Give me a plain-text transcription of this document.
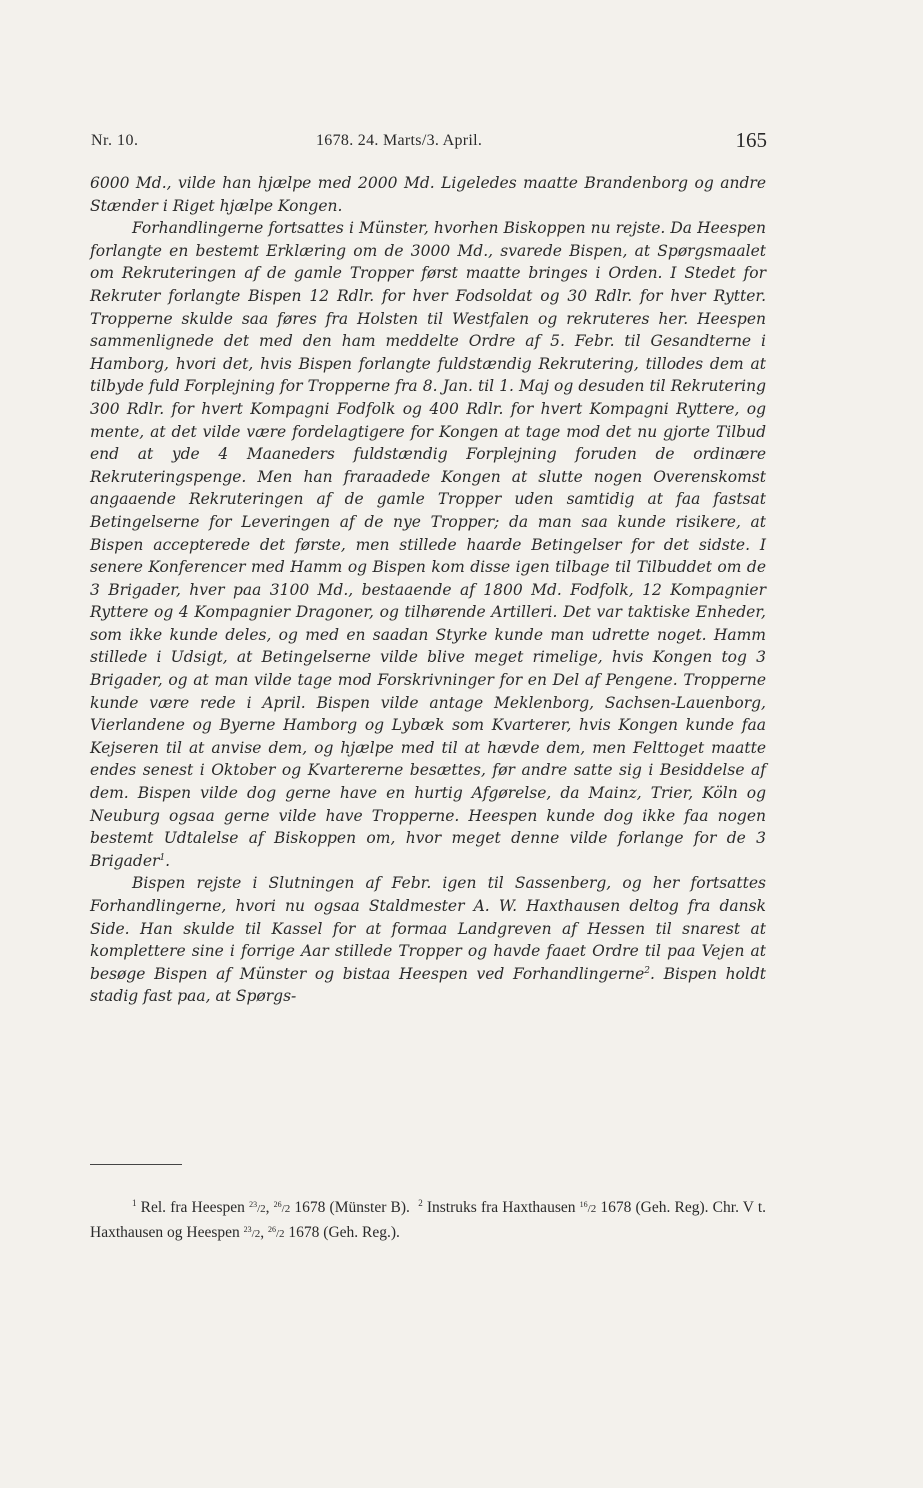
Nr. 10.	1678. 24. Marts/3. April.	165

6000 Md., vilde han hjælpe med 2000 Md. Ligeledes maatte Brandenborg og andre Stænder i Riget hjælpe Kongen.

Forhandlingerne fortsattes i Münster, hvorhen Biskoppen nu rejste. Da Heespen forlangte en bestemt Erklæring om de 3000 Md., svarede Bispen, at Spørgsmaalet om Rekruteringen af de gamle Tropper først maatte bringes i Orden. I Stedet for Rekruter forlangte Bispen 12 Rdlr. for hver Fodsoldat og 30 Rdlr. for hver Rytter. Tropperne skulde saa føres fra Holsten til Westfalen og rekruteres her. Heespen sammenlignede det med den ham meddelte Ordre af 5. Febr. til Gesandterne i Hamborg, hvori det, hvis Bispen forlangte fuldstændig Rekrutering, tillodes dem at tilbyde fuld Forplejning for Tropperne fra 8. Jan. til 1. Maj og desuden til Rekrutering 300 Rdlr. for hvert Kompagni Fodfolk og 400 Rdlr. for hvert Kompagni Ryttere, og mente, at det vilde være fordelagtigere for Kongen at tage mod det nu gjorte Tilbud end at yde 4 Maaneders fuldstændig Forplejning foruden de ordinære Rekruteringspenge. Men han fraraadede Kongen at slutte nogen Overenskomst angaaende Rekruteringen af de gamle Tropper uden samtidig at faa fastsat Betingelserne for Leveringen af de nye Tropper; da man saa kunde risikere, at Bispen accepterede det første, men stillede haarde Betingelser for det sidste. I senere Konferencer med Hamm og Bispen kom disse igen tilbage til Tilbuddet om de 3 Brigader, hver paa 3100 Md., bestaaende af 1800 Md. Fodfolk, 12 Kompagnier Ryttere og 4 Kompagnier Dragoner, og tilhørende Artilleri. Det var taktiske Enheder, som ikke kunde deles, og med en saadan Styrke kunde man udrette noget. Hamm stillede i Udsigt, at Betingelserne vilde blive meget rimelige, hvis Kongen tog 3 Brigader, og at man vilde tage mod Forskrivninger for en Del af Pengene. Tropperne kunde være rede i April. Bispen vilde antage Meklenborg, Sachsen-Lauenborg, Vierlandene og Byerne Hamborg og Lybæk som Kvarterer, hvis Kongen kunde faa Kejseren til at anvise dem, og hjælpe med til at hævde dem, men Felttoget maatte endes senest i Oktober og Kvartererne besættes, før andre satte sig i Besiddelse af dem. Bispen vilde dog gerne have en hurtig Afgørelse, da Mainz, Trier, Köln og Neuburg ogsaa gerne vilde have Tropperne. Heespen kunde dog ikke faa nogen bestemt Udtalelse af Biskoppen om, hvor meget denne vilde forlange for de 3 Brigader$^1$.

Bispen rejste i Slutningen af Febr. igen til Sassenberg, og her fortsattes Forhandlingerne, hvori nu ogsaa Staldmester A. W. Haxthausen deltog fra dansk Side. Han skulde til Kassel for at formaa Landgreven af Hessen til snarest at komplettere sine i forrige Aar stillede Tropper og havde faaet Ordre til paa Vejen at besøge Bispen af Münster og bistaa Heespen ved Forhandlingerne$^2$. Bispen holdt stadig fast paa, at Spørgs-

$^1$ Rel. fra Heespen $^{23}$/2, $^{26}$/2 1678 (Münster B). $^2$ Instruks fra Haxthausen $^{16}$/2 1678 (Geh. Reg). Chr. V t. Haxthausen og Heespen $^{23}$/2, $^{26}$/2 1678 (Geh. Reg.).
